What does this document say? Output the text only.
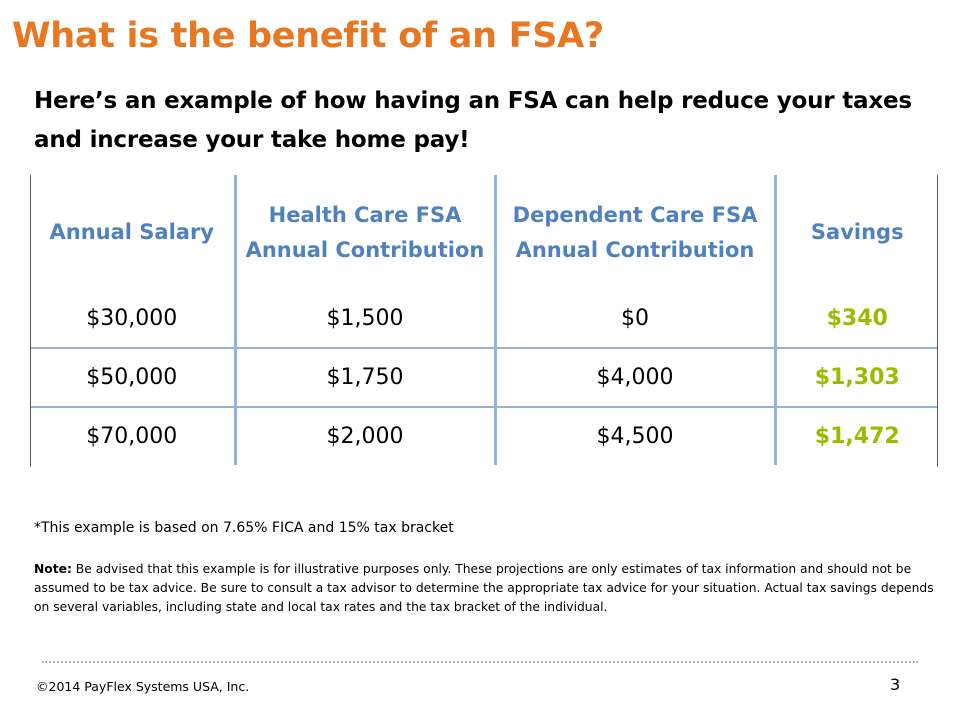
What is the benefit of an FSA?
Here’s an example of how having an FSA can help reduce your taxes and increase your take home pay!
Annual Salary	Health Care FSA Annual Contribution	Dependent Care FSA Annual Contribution	Savings
$30,000	$1,500	$0	$340
$50,000	$1,750	$4,000	$1,303
$70,000	$2,000	$4,500	$1,472
*This example is based on 7.65% FICA and 15% tax bracket
Note: Be advised that this example is for illustrative purposes only. These projections are only estimates of tax information and should not be assumed to be tax advice. Be sure to consult a tax advisor to determine the appropriate tax advice for your situation. Actual tax savings depends on several variables, including state and local tax rates and the tax bracket of the individual.
©2014 PayFlex Systems USA, Inc.	3
